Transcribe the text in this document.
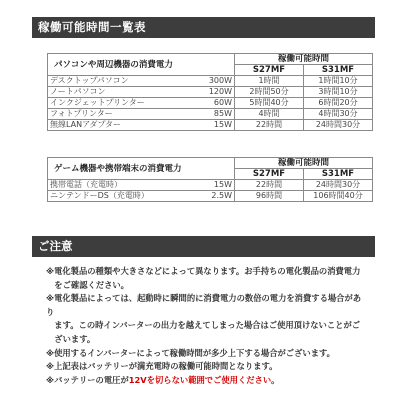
稼働可能時間一覧表
パソコンや周辺機器の消費電力		稼働可能時間	
		S27MF	S31MF
デスクトップパソコン	300W	1時間	1時間10分
ノートパソコン	120W	2時間50分	3時間10分
インクジェットプリンター	60W	5時間40分	6時間20分
フォトプリンター	85W	4時間	4時間30分
無線LANアダプター	15W	22時間	24時間30分
ゲーム機器や携帯端末の消費電力		稼働可能時間	
		S27MF	S31MF
携帯電話（充電時）	15W	22時間	24時間30分
ニンテンドーDS（充電時）	2.5W	96時間	106時間40分
ご注意

※電化製品の種類や大きさなどによって異なります。お手持ちの電化製品の消費電力

　をご確認ください。

※電化製品によっては、起動時に瞬間的に消費電力の数倍の電力を消費する場合があり

　ます。この時インバーターの出力を越えてしまった場合はご使用頂けないことがご

　ざいます。

※使用するインバーターによって稼働時間が多少上下する場合がございます。

※上記表はバッテリーが満充電時の稼働可能時間となります。

※バッテリーの電圧が12Vを切らない範囲でご使用ください。
